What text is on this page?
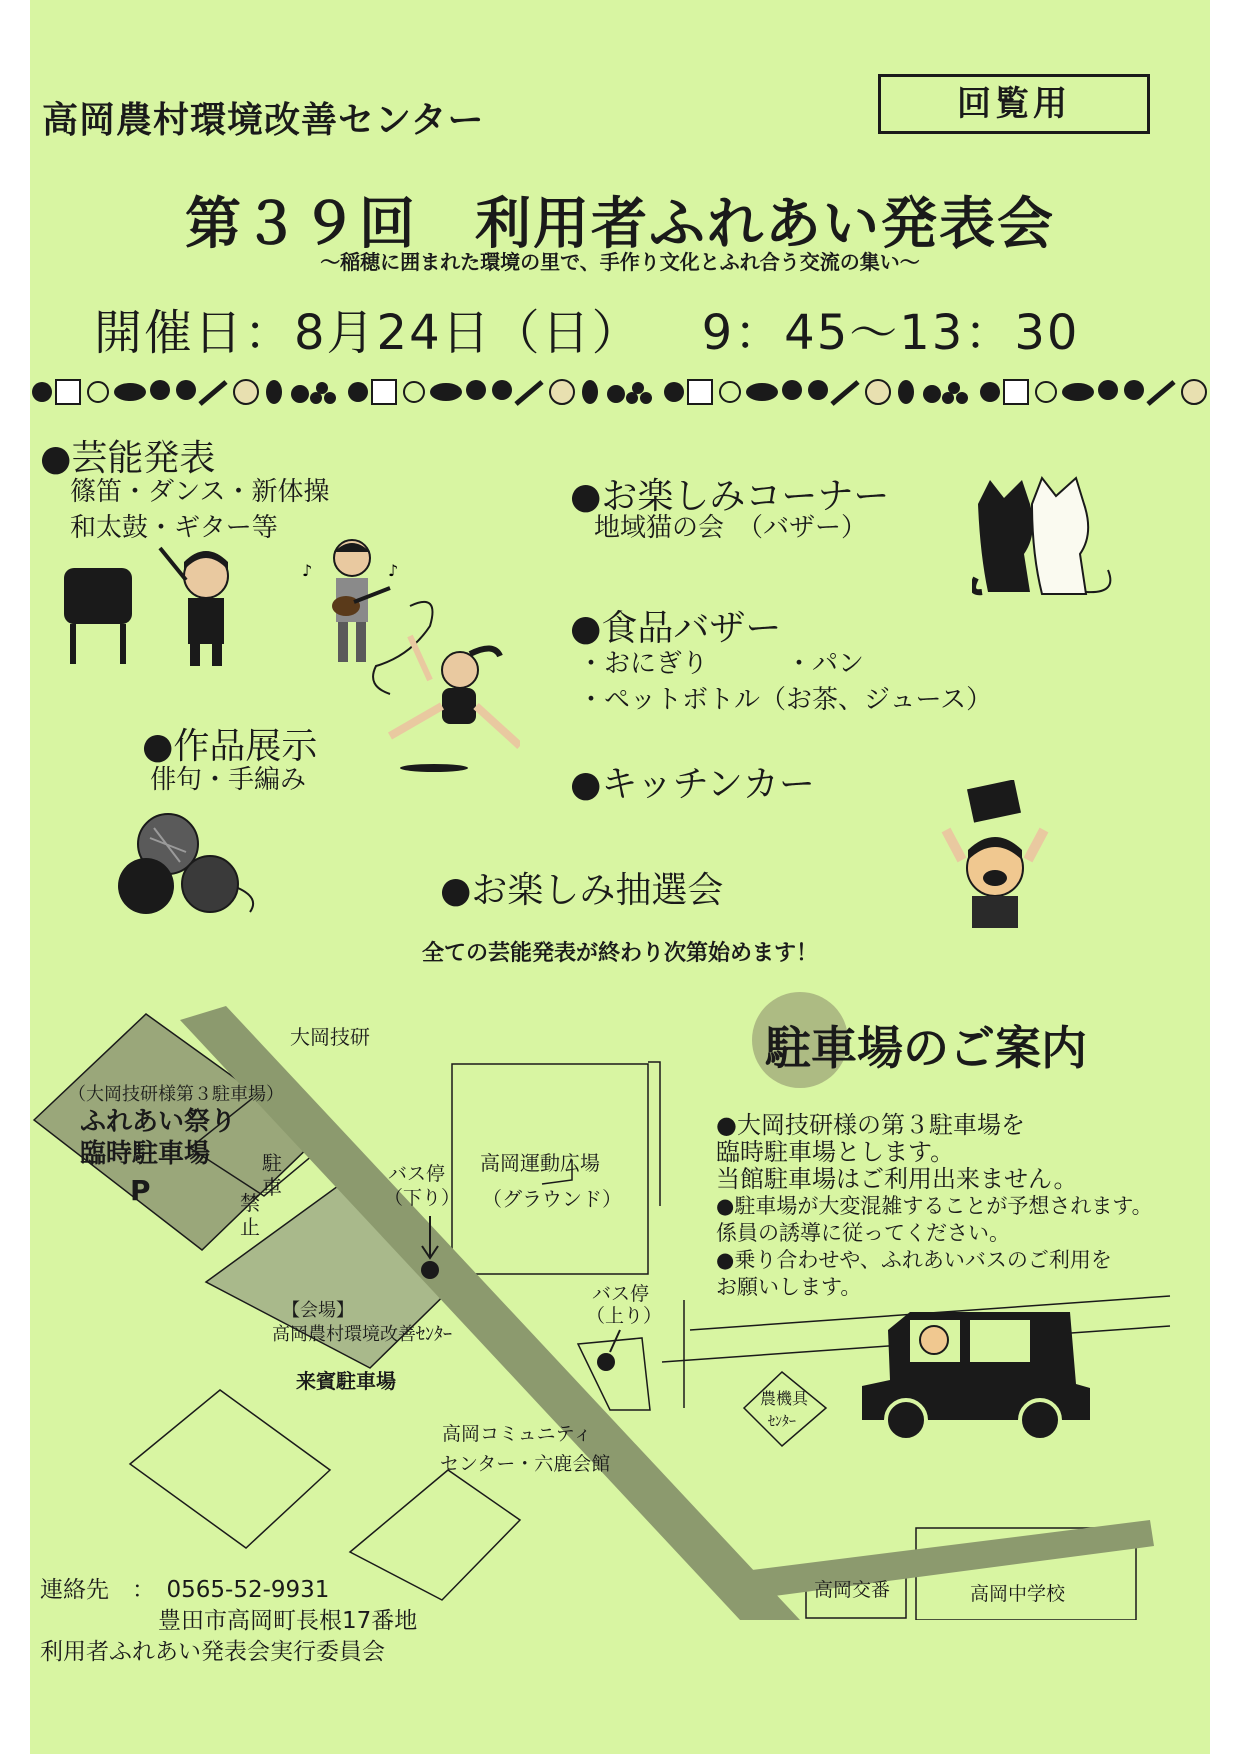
高岡農村環境改善センター	回覧用
第３９回　利用者ふれあい発表会
～稲穂に囲まれた環境の里で、手作り文化とふれ合う交流の集い～
開催日：8月24日（日） 9：45～13：30
●芸能発表
篠笛・ダンス・新体操
和太鼓・ギター等
●お楽しみコーナー
地域猫の会　（バザー）
●食品バザー
・おにぎり　　　・パン
・ペットボトル（お茶、ジュース）
●作品展示
俳句・手編み	●キッチンカー
●お楽しみ抽選会
全ての芸能発表が終わり次第始めます！
♪	♪
駐車場のご案内
●大岡技研様の第３駐車場を
臨時駐車場とします。
当館駐車場はご利用出来ません。
●駐車場が大変混雑することが予想されます。
係員の誘導に従ってください。
●乗り合わせや、ふれあいバスのご利用を
お願いします。
大岡技研
（大岡技研様第３駐車場）
ふれあい祭り
臨時駐車場
P
駐
車
禁
止
バス停
（下り）
バス停
（上り）
高岡運動広場
（グラウンド）
【会場】
高岡農村環境改善ｾﾝﾀｰ
来賓駐車場
高岡コミュニティ
センター・六鹿会館
農機具
ｾﾝﾀｰ
高岡交番	高岡中学校
連絡先　：　0565-52-9931
豊田市高岡町長根17番地
利用者ふれあい発表会実行委員会
